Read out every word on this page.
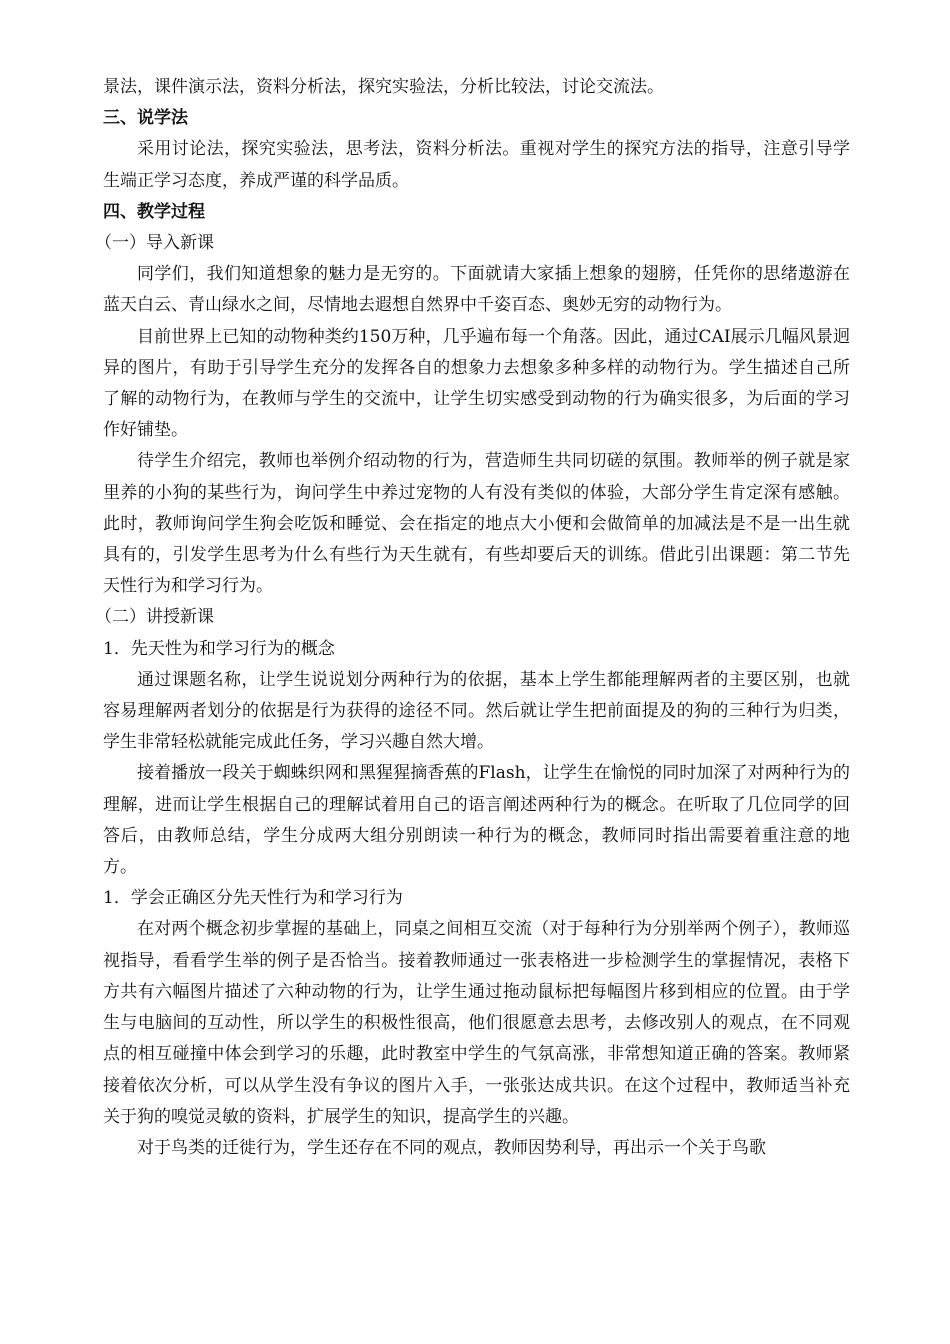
景法，课件演示法，资料分析法，探究实验法，分析比较法，讨论交流法。

三、说学法

采用讨论法，探究实验法，思考法，资料分析法。重视对学生的探究方法的指导，注意引导学生端正学习态度，养成严谨的科学品质。

四、教学过程

（一）导入新课

同学们，我们知道想象的魅力是无穷的。下面就请大家插上想象的翅膀，任凭你的思绪遨游在蓝天白云、青山绿水之间，尽情地去遐想自然界中千姿百态、奥妙无穷的动物行为。

目前世界上已知的动物种类约150万种，几乎遍布每一个角落。因此，通过CAI展示几幅风景迥异的图片，有助于引导学生充分的发挥各自的想象力去想象多种多样的动物行为。学生描述自己所了解的动物行为，在教师与学生的交流中，让学生切实感受到动物的行为确实很多，为后面的学习作好铺垫。

待学生介绍完，教师也举例介绍动物的行为，营造师生共同切磋的氛围。教师举的例子就是家里养的小狗的某些行为，询问学生中养过宠物的人有没有类似的体验，大部分学生肯定深有感触。此时，教师询问学生狗会吃饭和睡觉、会在指定的地点大小便和会做简单的加减法是不是一出生就具有的，引发学生思考为什么有些行为天生就有，有些却要后天的训练。借此引出课题：第二节先天性行为和学习行为。

（二）讲授新课

1．先天性为和学习行为的概念

通过课题名称，让学生说说划分两种行为的依据，基本上学生都能理解两者的主要区别，也就容易理解两者划分的依据是行为获得的途径不同。然后就让学生把前面提及的狗的三种行为归类，学生非常轻松就能完成此任务，学习兴趣自然大增。

接着播放一段关于蜘蛛织网和黑猩猩摘香蕉的Flash，让学生在愉悦的同时加深了对两种行为的理解，进而让学生根据自己的理解试着用自己的语言阐述两种行为的概念。在听取了几位同学的回答后，由教师总结，学生分成两大组分别朗读一种行为的概念，教师同时指出需要着重注意的地方。

1．学会正确区分先天性行为和学习行为

在对两个概念初步掌握的基础上，同桌之间相互交流（对于每种行为分别举两个例子），教师巡视指导，看看学生举的例子是否恰当。接着教师通过一张表格进一步检测学生的掌握情况，表格下方共有六幅图片描述了六种动物的行为，让学生通过拖动鼠标把每幅图片移到相应的位置。由于学生与电脑间的互动性，所以学生的积极性很高，他们很愿意去思考，去修改别人的观点，在不同观点的相互碰撞中体会到学习的乐趣，此时教室中学生的气氛高涨，非常想知道正确的答案。教师紧接着依次分析，可以从学生没有争议的图片入手，一张张达成共识。在这个过程中，教师适当补充关于狗的嗅觉灵敏的资料，扩展学生的知识，提高学生的兴趣。

对于鸟类的迁徙行为，学生还存在不同的观点，教师因势利导，再出示一个关于鸟歌
